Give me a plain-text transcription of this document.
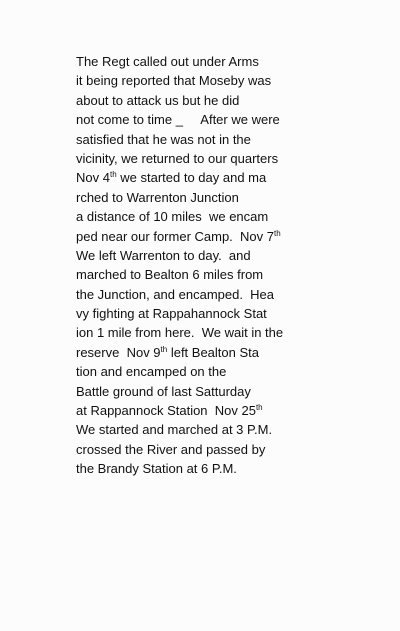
The Regt called out under Arms
it being reported that Moseby was
about to attack us but he did
not come to time _     After we were
satisfied that he was not in the
vicinity, we returned to our quarters
Nov 4th we started to day and ma
rched to Warrenton Junction
a distance of 10 miles  we encam
ped near our former Camp.  Nov 7th
We left Warrenton to day.  and
marched to Bealton 6 miles from
the Junction, and encamped.  Hea
vy fighting at Rappahannock Stat
ion 1 mile from here.  We wait in the
reserve  Nov 9th left Bealton Sta
tion and encamped on the
Battle ground of last Satturday
at Rappannock Station  Nov 25th
We started and marched at 3 P.M.
crossed the River and passed by
the Brandy Station at 6 P.M.
